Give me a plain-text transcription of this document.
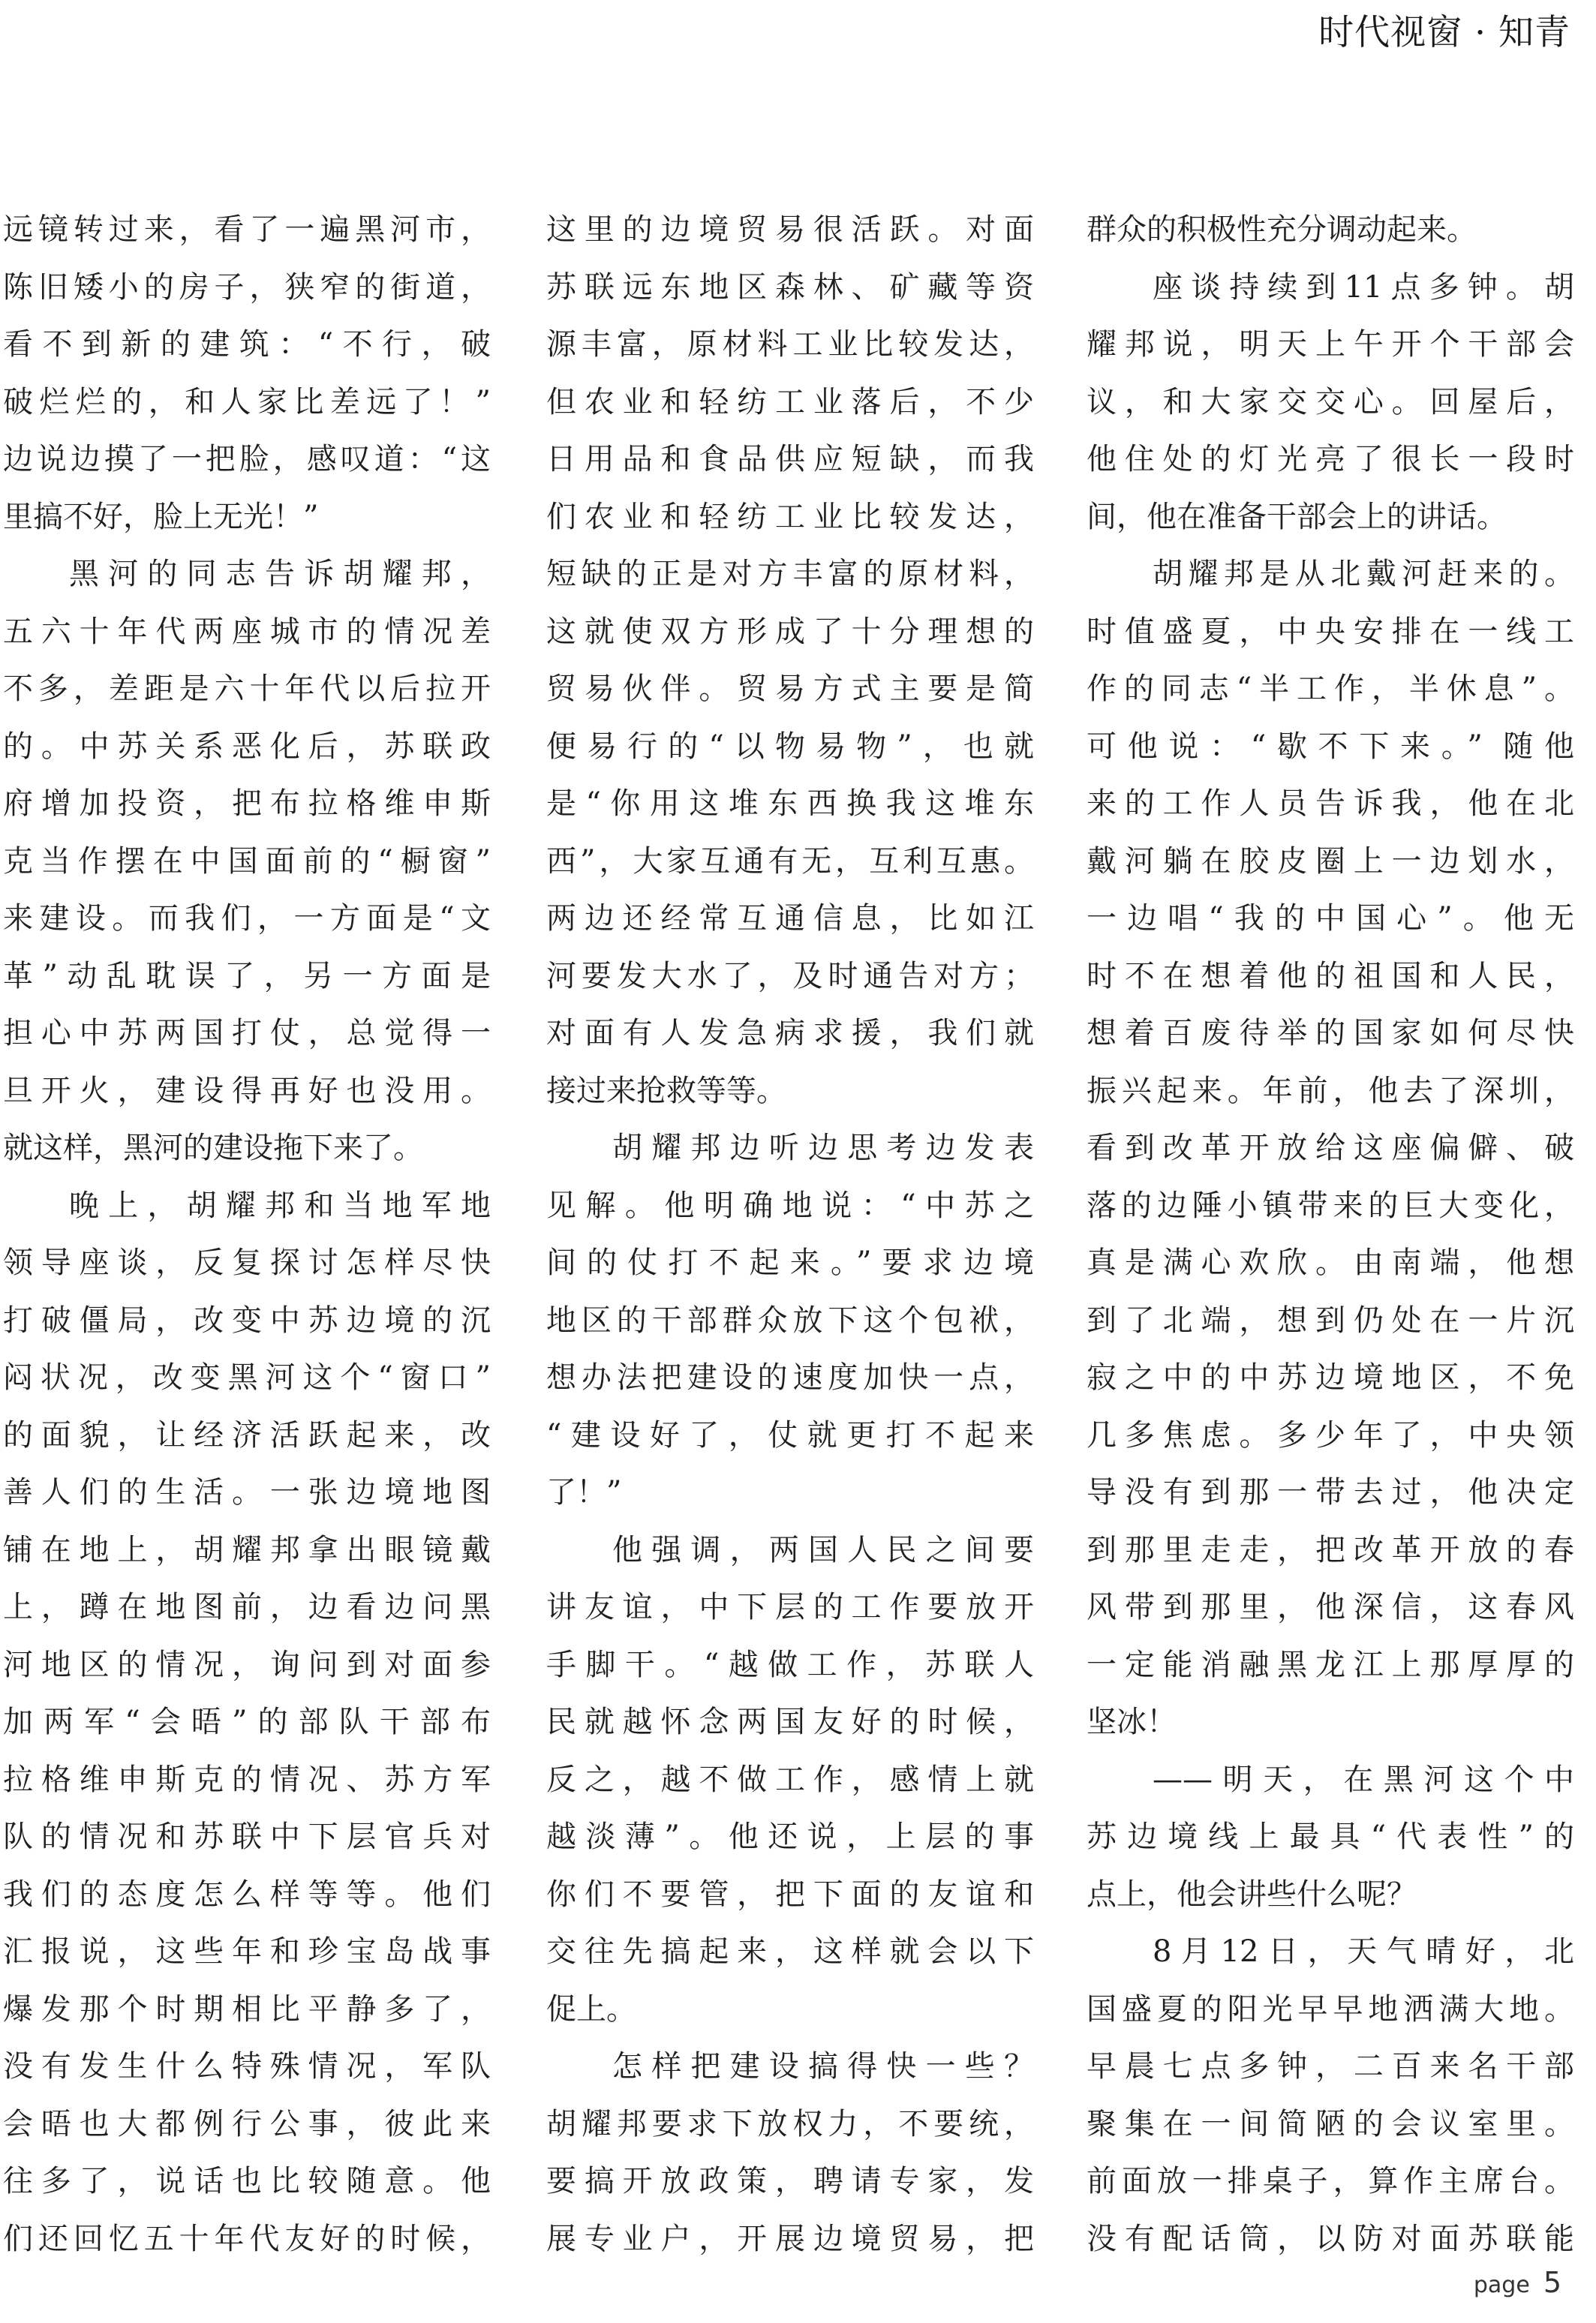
时代视窗 · 知青

远镜转过来，看了一遍黑河市，
陈旧矮小的房子，狭窄的街道，
看不到新的建筑：“不行，破
破烂烂的，和人家比差远了！”
边说边摸了一把脸，感叹道：“这
里搞不好，脸上无光！”

黑河的同志告诉胡耀邦，
五六十年代两座城市的情况差
不多，差距是六十年代以后拉开
的。中苏关系恶化后，苏联政
府增加投资，把布拉格维申斯
克当作摆在中国面前的“橱窗”
来建设。而我们，一方面是“文
革”动乱耽误了，另一方面是
担心中苏两国打仗，总觉得一
旦开火，建设得再好也没用。
就这样，黑河的建设拖下来了。

晚上，胡耀邦和当地军地
领导座谈，反复探讨怎样尽快
打破僵局，改变中苏边境的沉
闷状况，改变黑河这个“窗口”
的面貌，让经济活跃起来，改
善人们的生活。一张边境地图
铺在地上，胡耀邦拿出眼镜戴
上，蹲在地图前，边看边问黑
河地区的情况，询问到对面参
加两军“会晤”的部队干部布
拉格维申斯克的情况、苏方军
队的情况和苏联中下层官兵对
我们的态度怎么样等等。他们
汇报说，这些年和珍宝岛战事
爆发那个时期相比平静多了，
没有发生什么特殊情况，军队
会晤也大都例行公事，彼此来
往多了，说话也比较随意。他
们还回忆五十年代友好的时候，

这里的边境贸易很活跃。对面
苏联远东地区森林、矿藏等资
源丰富，原材料工业比较发达，
但农业和轻纺工业落后，不少
日用品和食品供应短缺，而我
们农业和轻纺工业比较发达，
短缺的正是对方丰富的原材料，
这就使双方形成了十分理想的
贸易伙伴。贸易方式主要是简
便易行的“以物易物”，也就
是“你用这堆东西换我这堆东
西”，大家互通有无，互利互惠。
两边还经常互通信息，比如江
河要发大水了，及时通告对方；
对面有人发急病求援，我们就
接过来抢救等等。

胡耀邦边听边思考边发表
见解。他明确地说：“中苏之
间的仗打不起来。”要求边境
地区的干部群众放下这个包袱，
想办法把建设的速度加快一点，
“建设好了，仗就更打不起来
了！”

他强调，两国人民之间要
讲友谊，中下层的工作要放开
手脚干。“越做工作，苏联人
民就越怀念两国友好的时候，
反之，越不做工作，感情上就
越淡薄”。他还说，上层的事
你们不要管，把下面的友谊和
交往先搞起来，这样就会以下
促上。

怎样把建设搞得快一些？
胡耀邦要求下放权力，不要统，
要搞开放政策，聘请专家，发
展专业户，开展边境贸易，把

群众的积极性充分调动起来。

座谈持续到11点多钟。胡
耀邦说，明天上午开个干部会
议，和大家交交心。回屋后，
他住处的灯光亮了很长一段时
间，他在准备干部会上的讲话。

胡耀邦是从北戴河赶来的。
时值盛夏，中央安排在一线工
作的同志“半工作，半休息”。
可他说：“歇不下来。” 随他
来的工作人员告诉我，他在北
戴河躺在胶皮圈上一边划水，
一边唱“我的中国心”。他无
时不在想着他的祖国和人民，
想着百废待举的国家如何尽快
振兴起来。年前，他去了深圳，
看到改革开放给这座偏僻、破
落的边陲小镇带来的巨大变化，
真是满心欢欣。由南端，他想
到了北端，想到仍处在一片沉
寂之中的中苏边境地区，不免
几多焦虑。多少年了，中央领
导没有到那一带去过，他决定
到那里走走，把改革开放的春
风带到那里，他深信，这春风
一定能消融黑龙江上那厚厚的
坚冰！

——明天，在黑河这个中
苏边境线上最具“代表性”的
点上，他会讲些什么呢？

8月12日，天气晴好，北
国盛夏的阳光早早地洒满大地。
早晨七点多钟，二百来名干部
聚集在一间简陋的会议室里。
前面放一排桌子，算作主席台。
没有配话筒，以防对面苏联能

page 5
